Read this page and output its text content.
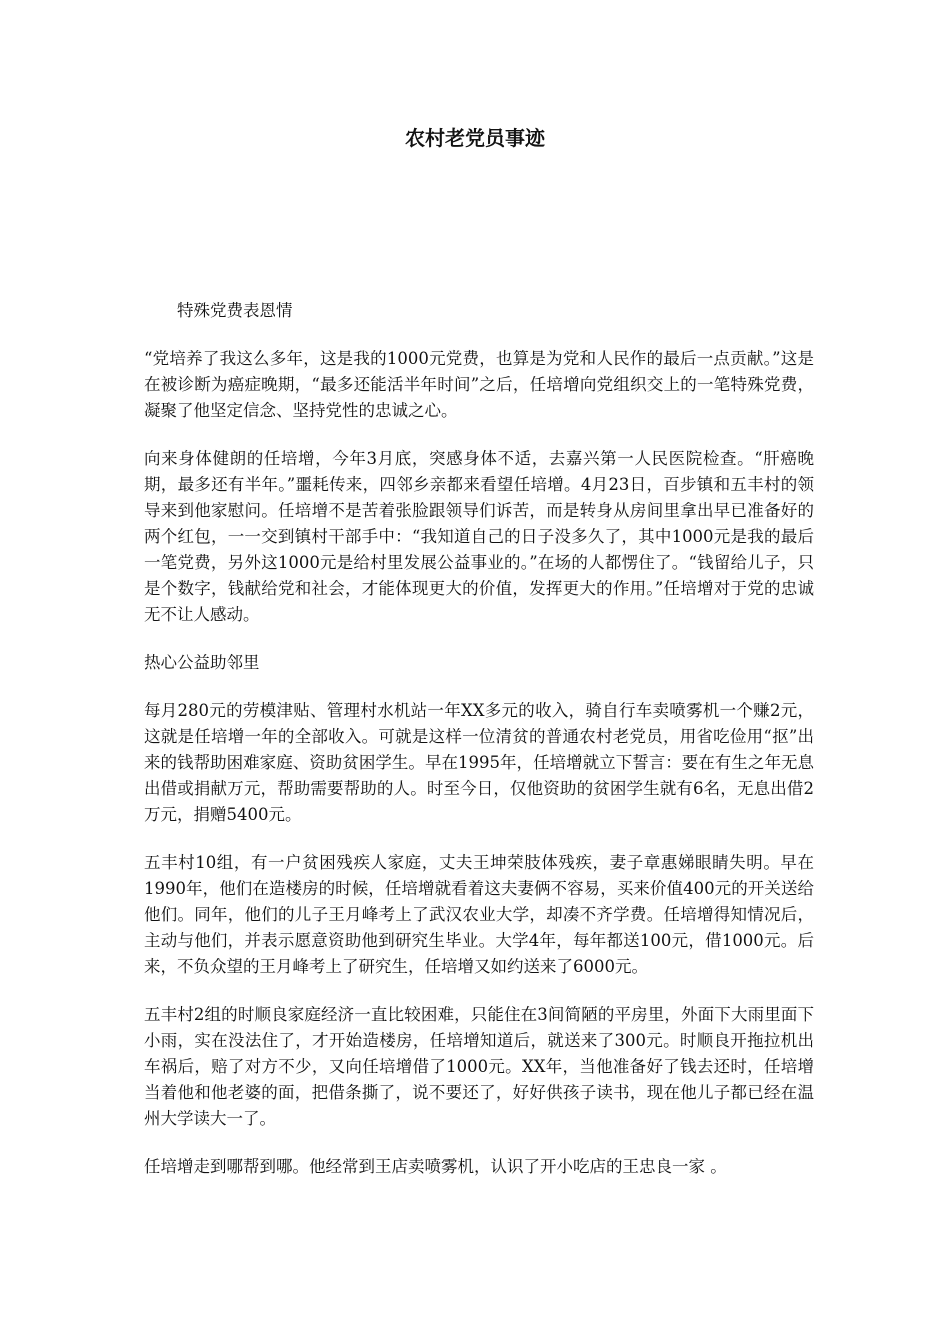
农村老党员事迹

特殊党费表恩情

“党培养了我这么多年，这是我的1000元党费，也算是为党和人民作的最后一点贡献。”这是在被诊断为癌症晚期，“最多还能活半年时间”之后，任培增向党组织交上的一笔特殊党费，凝聚了他坚定信念、坚持党性的忠诚之心。

向来身体健朗的任培增，今年3月底，突感身体不适，去嘉兴第一人民医院检查。“肝癌晚期，最多还有半年。”噩耗传来，四邻乡亲都来看望任培增。4月23日，百步镇和五丰村的领导来到他家慰问。任培增不是苦着张脸跟领导们诉苦，而是转身从房间里拿出早已准备好的两个红包，一一交到镇村干部手中：“我知道自己的日子没多久了，其中1000元是我的最后一笔党费，另外这1000元是给村里发展公益事业的。”在场的人都愣住了。“钱留给儿子，只是个数字，钱献给党和社会，才能体现更大的价值，发挥更大的作用。”任培增对于党的忠诚无不让人感动。

热心公益助邻里

每月280元的劳模津贴、管理村水机站一年XX多元的收入，骑自行车卖喷雾机一个赚2元，这就是任培增一年的全部收入。可就是这样一位清贫的普通农村老党员，用省吃俭用“抠”出来的钱帮助困难家庭、资助贫困学生。早在1995年，任培增就立下誓言：要在有生之年无息出借或捐献万元，帮助需要帮助的人。时至今日，仅他资助的贫困学生就有6名，无息出借2万元，捐赠5400元。

五丰村10组，有一户贫困残疾人家庭，丈夫王坤荣肢体残疾，妻子章惠娣眼睛失明。早在1990年，他们在造楼房的时候，任培增就看着这夫妻俩不容易，买来价值400元的开关送给他们。同年，他们的儿子王月峰考上了武汉农业大学，却凑不齐学费。任培增得知情况后，主动与他们，并表示愿意资助他到研究生毕业。大学4年，每年都送100元，借1000元。后来，不负众望的王月峰考上了研究生，任培增又如约送来了6000元。

五丰村2组的时顺良家庭经济一直比较困难，只能住在3间简陋的平房里，外面下大雨里面下小雨，实在没法住了，才开始造楼房，任培增知道后，就送来了300元。时顺良开拖拉机出车祸后，赔了对方不少，又向任培增借了1000元。XX年，当他准备好了钱去还时，任培增当着他和他老婆的面，把借条撕了，说不要还了，好好供孩子读书，现在他儿子都已经在温州大学读大一了。

任培增走到哪帮到哪。他经常到王店卖喷雾机，认识了开小吃店的王忠良一家 。
